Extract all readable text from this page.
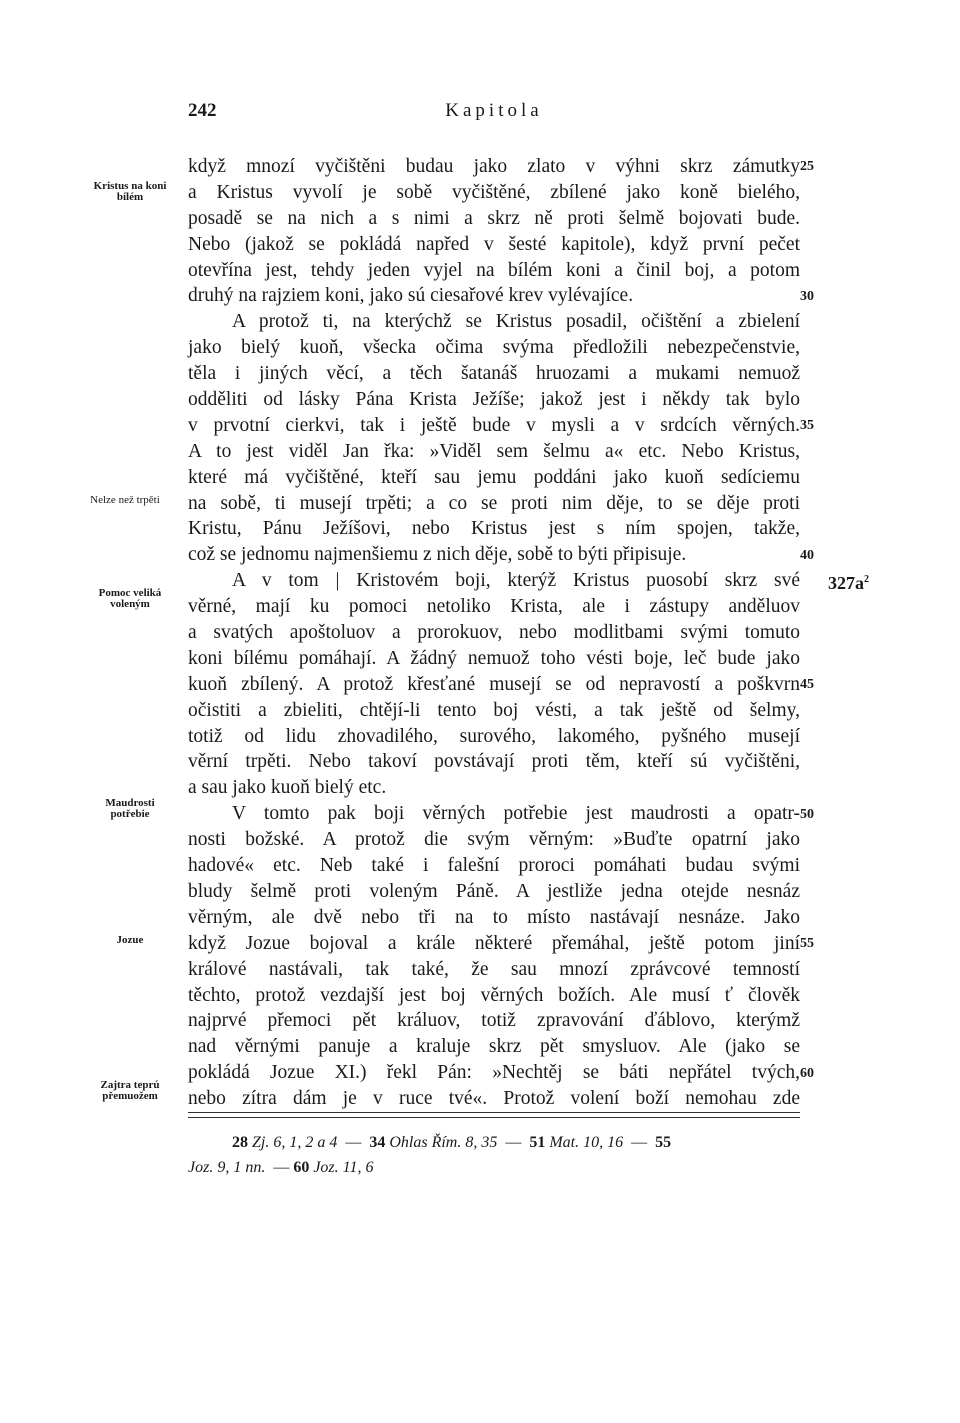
242	Kapitola
Kristus na koni
bílém
Nelze než trpěti
Pomoc veliká
voleným
Maudrosti
potřebie
Jozue
Zajtra teprú
přemuožem
$327a^2$
když mnozí vyčištěni budau jako zlato v výhni skrz zámutky
a Kristus vyvolí je sobě vyčištěné, zbílené jako koně bielého,
posadě se na nich a s nimi a skrz ně proti šelmě bojovati bude.
Nebo (jakož se pokládá napřed v šesté kapitole), když první pečet
otevřína jest, tehdy jeden vyjel na bílém koni a činil boj, a potom
druhý na rajziem koni, jako sú ciesařové krev vylévajíce.
A protož ti, na kterýchž se Kristus posadil, očištění a zbielení
jako bielý kuoň, všecka očima svýma předložili nebezpečenstvie,
těla i jiných věcí, a těch šatanáš hruozami a mukami nemuož
odděliti od lásky Pána Krista Ježíše; jakož jest i někdy tak bylo
v prvotní cierkvi, tak i ještě bude v mysli a v srdcích věrných.
A to jest viděl Jan řka: »Viděl sem šelmu a« etc. Nebo Kristus,
které má vyčištěné, kteří sau jemu poddáni jako kuoň sedíciemu
na sobě, ti musejí trpěti; a co se proti nim děje, to se děje proti
Kristu, Pánu Ježíšovi, nebo Kristus jest s ním spojen, takže,
což se jednomu najmenšiemu z nich děje, sobě to býti připisuje.
A v tom | Kristovém boji, kterýž Kristus puosobí skrz své
věrné, mají ku pomoci netoliko Krista, ale i zástupy anděluov
a svatých apoštoluov a prorokuov, nebo modlitbami svými tomuto
koni bílému pomáhají. A žádný nemuož toho vésti boje, leč bude jako
kuoň zbílený. A protož křesťané musejí se od nepravostí a poškvrn
očistiti a zbieliti, chtějí-li tento boj vésti, a tak ještě od šelmy,
totiž od lidu zhovadilého, surového, lakomého, pyšného musejí
věrní trpěti. Nebo takoví povstávají proti těm, kteří sú vyčištěni,
a sau jako kuoň bielý etc.
V tomto pak boji věrných potřebie jest maudrosti a opatr-
nosti božské. A protož die svým věrným: »Buďte opatrní jako
hadové« etc. Neb také i falešní proroci pomáhati budau svými
bludy šelmě proti voleným Páně. A jestliže jedna otejde nesnáz
věrným, ale dvě nebo tři na to místo nastávají nesnáze. Jako
když Jozue bojoval a krále některé přemáhal, ještě potom jiní
králové nastávali, tak také, že sau mnozí zprávcové temností
těchto, protož vezdajší jest boj věrných božích. Ale musí ť člověk
najprvé přemoci pět králuov, totiž zpravování ďáblovo, kterýmž
nad věrnými panuje a kraluje skrz pět smysluov. Ale (jako se
pokládá Jozue XI.) řekl Pán: »Nechtěj se báti nepřátel tvých,
nebo zítra dám je v ruce tvé«. Protož volení boží nemohau zde
25
30
35
40
45
50
55
60
28 Zj. 6, 1, 2 a 4 — 34 Ohlas Řím. 8, 35 — 51 Mat. 10, 16 — 55
Joz. 9, 1 nn. — 60 Joz. 11, 6
